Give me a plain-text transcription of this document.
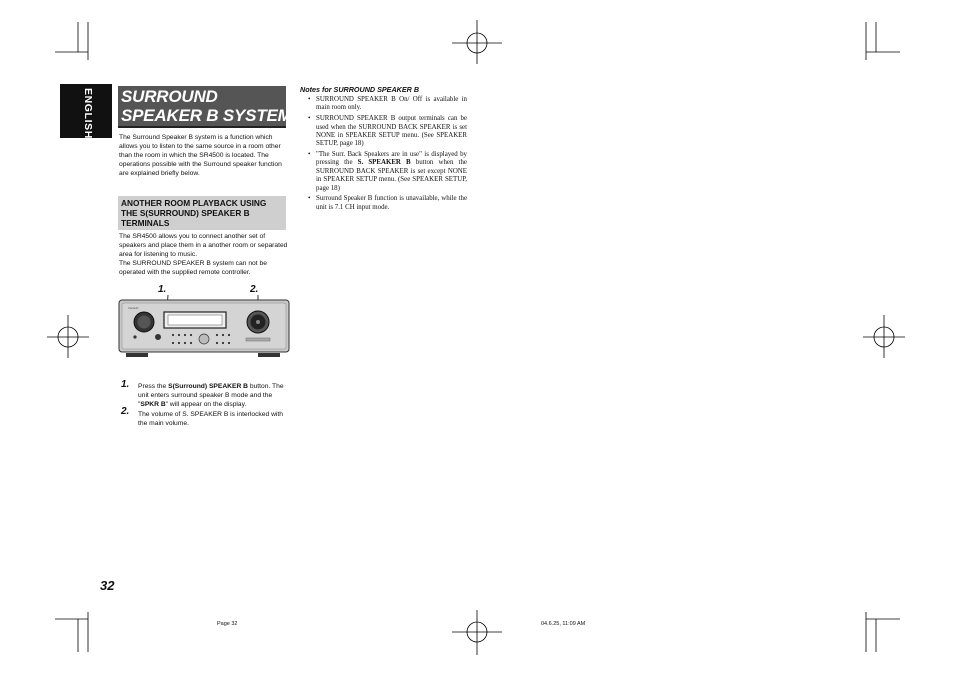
ENGLISH SURROUND
SPEAKER B SYSTEM
The Surround Speaker B system is a function which allows you to listen to the same source in a room other than the room in which the SR4500 is located. The operations possible with the Surround speaker function are explained briefly below.
ANOTHER ROOM PLAYBACK USING
THE S(SURROUND) SPEAKER B
TERMINALS
The SR4500 allows you to connect another set of speakers and place them in a another room or separated area for listening to music.
The SURROUND SPEAKER B system can not be operated with the supplied remote controller.
1.	2.
marantz
1. Press the S(Surround) SPEAKER B button. The unit enters surround speaker B mode and the "SPKR B" will appear on the display.
2. The volume of S. SPEAKER B is interlocked with the main volume.
Notes for SURROUND SPEAKER B
• SURROUND SPEAKER B On/ Off is available in main room only.
• SURROUND SPEAKER B output terminals can be used when the SURROUND BACK SPEAKER is set NONE in SPEAKER SETUP menu. (See SPEAKER SETUP, page 18)
• "The Surr. Back Speakers are in use" is displayed by pressing the S. SPEAKER B button when the SURROUND BACK SPEAKER is set except NONE in SPEAKER SETUP menu. (See SPEAKER SETUP, page 18)
• Surround Speaker B function is unavailable, while the unit is 7.1 CH input mode.
32
Page 32	04.6.25, 11:09 AM
